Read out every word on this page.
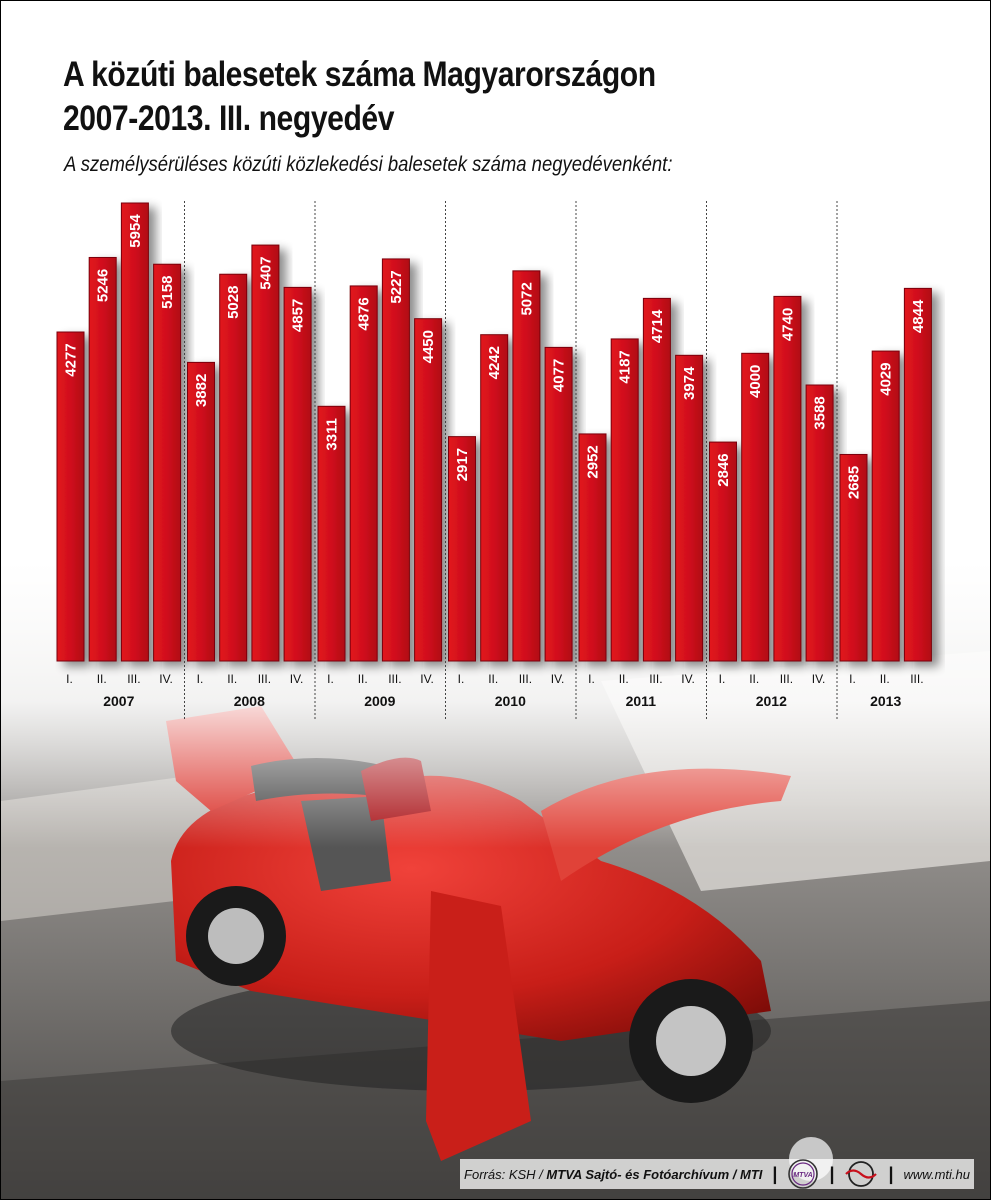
A közúti balesetek száma Magyarországon
2007-2013. III. negyedév

A személysérüléses közúti közlekedési balesetek száma negyedévenként:

4277
I.
5246
II.
5954
III.
5158
IV.
2007
3882
I.
5028
II.
5407
III.
4857
IV.
2008
3311
I.
4876
II.
5227
III.
4450
IV.
2009
2917
I.
4242
II.
5072
III.
4077
IV.
2010
2952
I.
4187
II.
4714
III.
3974
IV.
2011
2846
I.
4000
II.
4740
III.
3588
IV.
2012
2685
I.
4029
II.
4844
III.
2013
Forrás: KSH / MTVA Sajtó- és Fotóarchívum / MTI | MTVA |	| www.mti.hu
